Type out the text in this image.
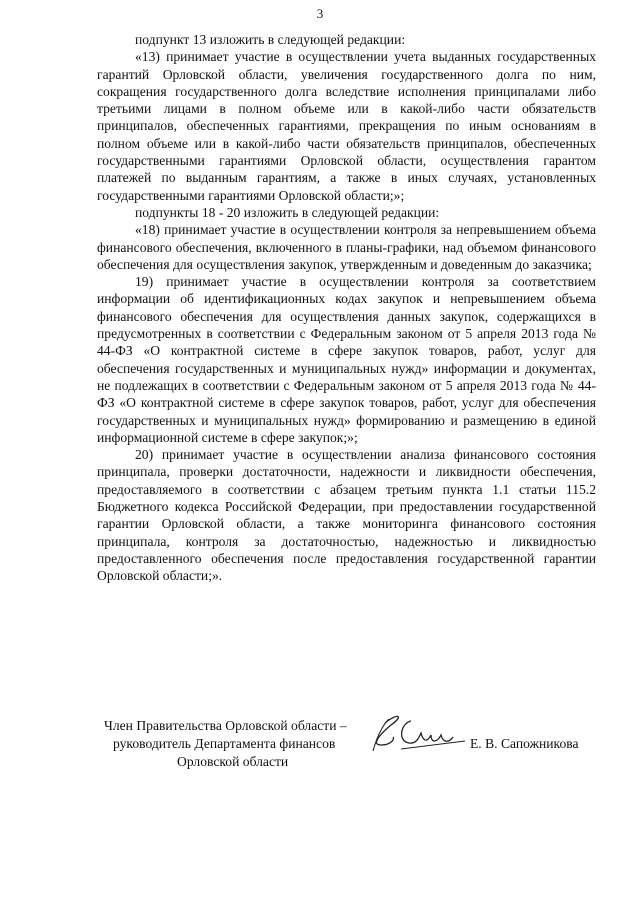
3

подпункт 13 изложить в следующей редакции:

«13) принимает участие в осуществлении учета выданных государственных гарантий Орловской области, увеличения государственного долга по ним, сокращения государственного долга вследствие исполнения принципалами либо третьими лицами в полном объеме или в какой-либо части обязательств принципалов, обеспеченных гарантиями, прекращения по иным основаниям в полном объеме или в какой-либо части обязательств принципалов, обеспеченных государственными гарантиями Орловской области, осуществления гарантом платежей по выданным гарантиям, а также в иных случаях, установленных государственными гарантиями Орловской области;»;

подпункты 18 - 20 изложить в следующей редакции:

«18) принимает участие в осуществлении контроля за непревышением объема финансового обеспечения, включенного в планы-графики, над объемом финансового обеспечения для осуществления закупок, утвержденным и доведенным до заказчика;

19) принимает участие в осуществлении контроля за соответствием информации об идентификационных кодах закупок и непревышением объема финансового обеспечения для осуществления данных закупок, содержащихся в предусмотренных в соответствии с Федеральным законом от 5 апреля 2013 года № 44-ФЗ «О контрактной системе в сфере закупок товаров, работ, услуг для обеспечения государственных и муниципальных нужд» информации и документах, не подлежащих в соответствии с Федеральным законом от 5 апреля 2013 года № 44-ФЗ «О контрактной системе в сфере закупок товаров, работ, услуг для обеспечения государственных и муниципальных нужд» формированию и размещению в единой информационной системе в сфере закупок;»;

20) принимает участие в осуществлении анализа финансового состояния принципала, проверки достаточности, надежности и ликвидности обеспечения, предоставляемого в соответствии с абзацем третьим пункта 1.1 статьи 115.2 Бюджетного кодекса Российской Федерации, при предоставлении государственной гарантии Орловской области, а также мониторинга финансового состояния принципала, контроля за достаточностью, надежностью и ликвидностью предоставленного обеспечения после предоставления государственной гарантии Орловской области;».

Член Правительства Орловской области –
руководитель Департамента финансов
Орловской области
Е. В. Сапожникова
